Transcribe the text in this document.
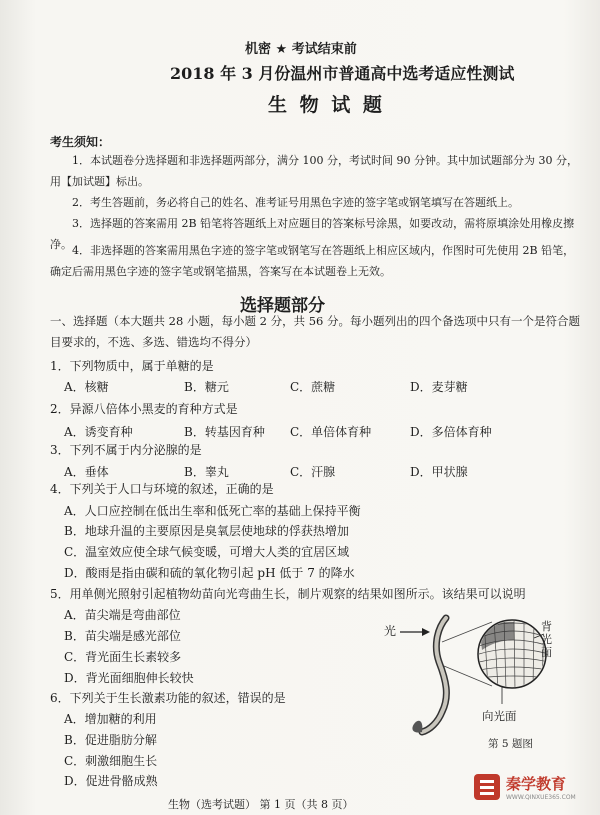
机密 ★ 考试结束前
2018 年 3 月份温州市普通高中选考适应性测试
生 物 试 题
考生须知：
1．本试题卷分选择题和非选择题两部分，满分 100 分，考试时间 90 分钟。其中加试题部分为 30 分，用【加试题】标出。
2．考生答题前，务必将自己的姓名、准考证号用黑色字迹的签字笔或钢笔填写在答题纸上。
3．选择题的答案需用 2B 铅笔将答题纸上对应题目的答案标号涂黑，如要改动，需将原填涂处用橡皮擦净。 4．非选择题的答案需用黑色字迹的签字笔或钢笔写在答题纸上相应区域内，作图时可先使用 2B 铅笔，确定后需用黑色字迹的签字笔或钢笔描黑，答案写在本试题卷上无效。
选择题部分
一、选择题（本大题共 28 小题，每小题 2 分，共 56 分。每小题列出的四个备选项中只有一个是符合题目要求的，不选、多选、错选均不得分）
1．下列物质中，属于单糖的是
A．核糖	B．糖元	C．蔗糖	D．麦芽糖
2．异源八倍体小黑麦的育种方式是
A．诱变育种	B．转基因育种 C．单倍体育种	D．多倍体育种
3．下列不属于内分泌腺的是
A．垂体	B．睾丸	C．汗腺	D．甲状腺
4．下列关于人口与环境的叙述，正确的是
A．人口应控制在低出生率和低死亡率的基础上保持平衡
B．地球升温的主要原因是臭氧层使地球的俘获热增加
C．温室效应使全球气候变暖，可增大人类的宜居区域
D．酸雨是指由碳和硫的氧化物引起 pH 低于 7 的降水
5．用单侧光照射引起植物幼苗向光弯曲生长，制片观察的结果如图所示。该结果可以说明
A．苗尖端是弯曲部位
B．苗尖端是感光部位
C．背光面生长素较多
D．背光面细胞伸长较快
6．下列关于生长激素功能的叙述，错误的是
A．增加糖的利用
B．促进脂肪分解
C．刺激细胞生长
D．促进骨骼成熟
光	背光面
向光面
第 5 题图
生物（选考试题） 第 1 页（共 8 页）
秦学教育
WWW.QINXUE365.COM
